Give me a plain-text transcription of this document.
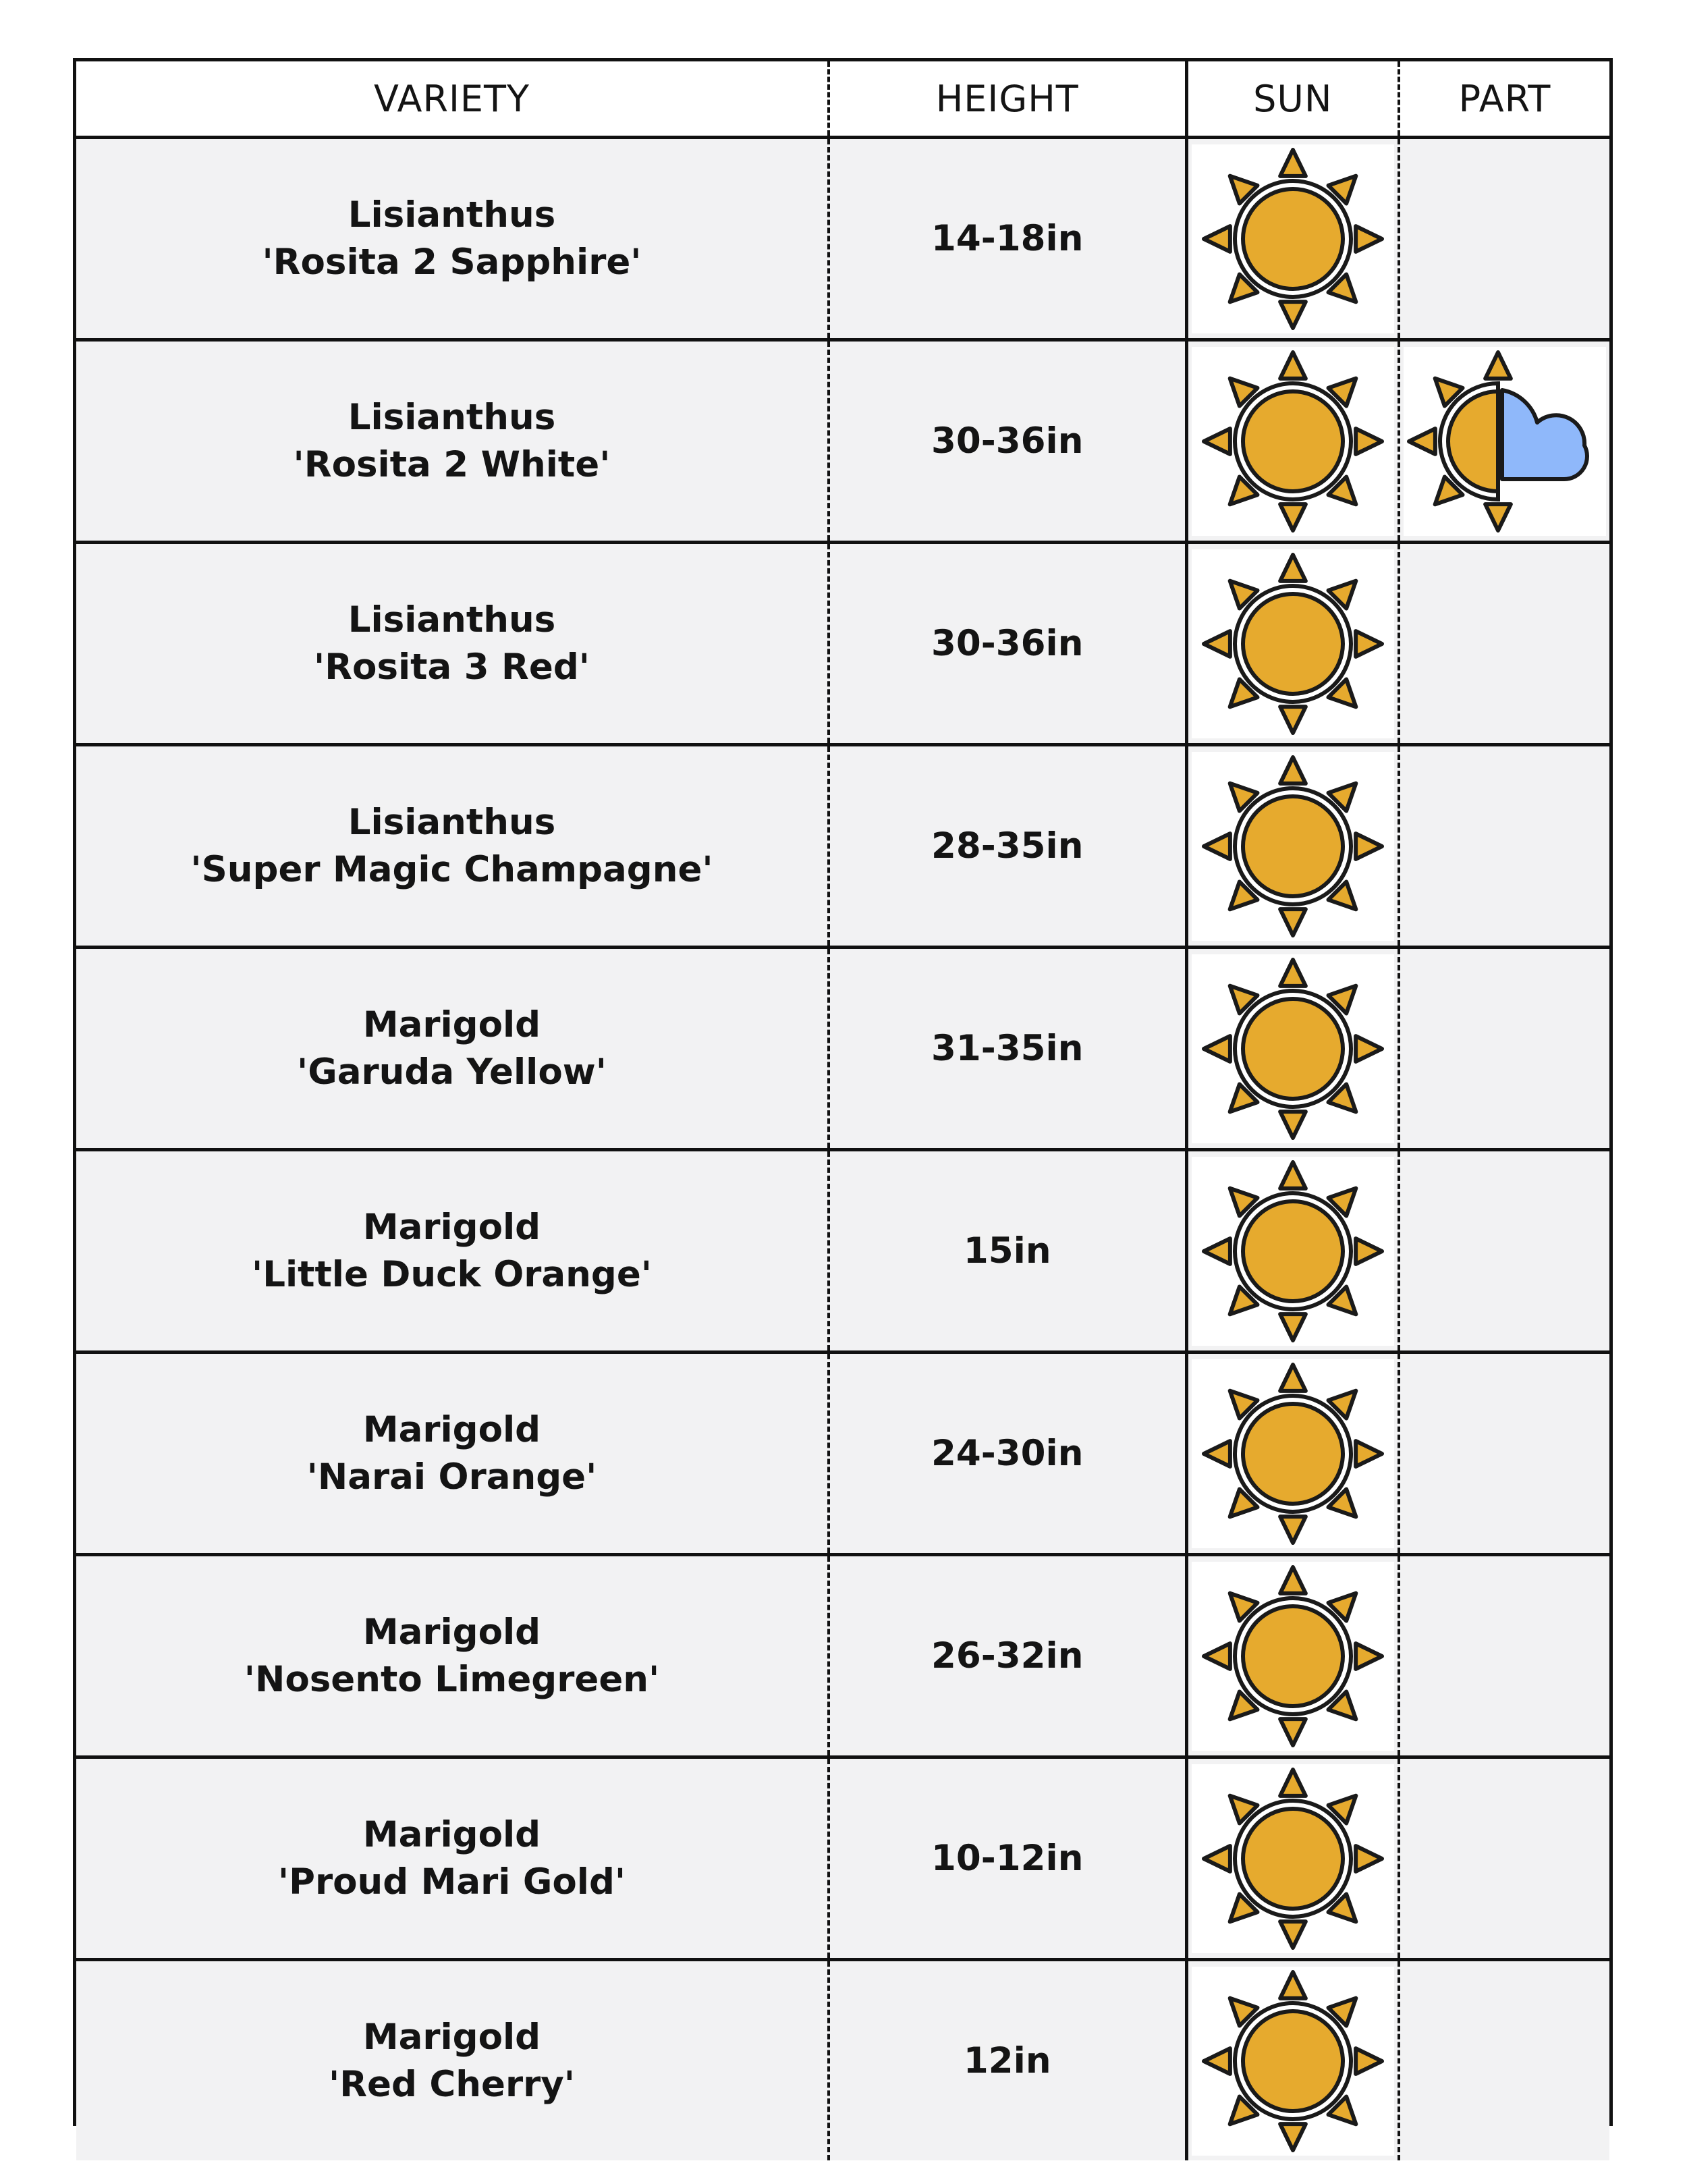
VARIETY	HEIGHT	SUN	PART

Lisianthus
'Rosita 2 Sapphire'	14-18in	

Lisianthus
'Rosita 2 White'	30-36in	

Lisianthus
'Rosita 3 Red'	30-36in	

Lisianthus
'Super Magic Champagne'	28-35in	

Marigold
'Garuda Yellow'	31-35in	

Marigold
'Little Duck Orange'	15in	

Marigold
'Narai Orange'	24-30in	

Marigold
'Nosento Limegreen'	26-32in	

Marigold
'Proud Mari Gold'	10-12in	

Marigold
'Red Cherry'	12in	
